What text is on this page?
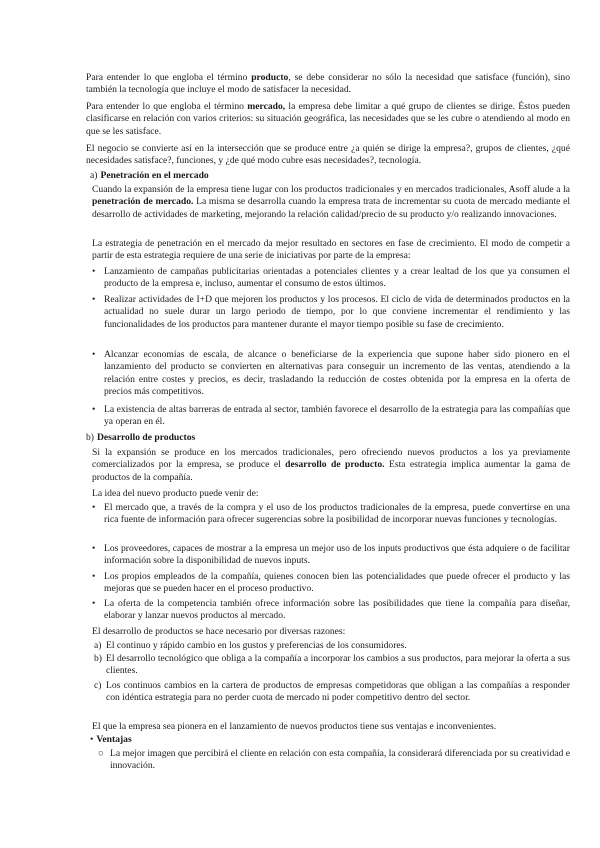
Para entender lo que engloba el término producto, se debe considerar no sólo la necesidad que satisface (función), sino también la tecnología que incluye el modo de satisfacer la necesidad.

Para entender lo que engloba el término mercado, la empresa debe limitar a qué grupo de clientes se dirige. Éstos pueden clasificarse en relación con varios criterios: su situación geográfica, las necesidades que se les cubre o atendiendo al modo en que se les satisface.

El negocio se convierte así en la intersección que se produce entre ¿a quién se dirige la empresa?, grupos de clientes, ¿qué necesidades satisface?, funciones, y ¿de qué modo cubre esas necesidades?, tecnología.

a) Penetración en el mercado

Cuando la expansión de la empresa tiene lugar con los productos tradicionales y en mercados tradicionales, Asoff alude a la penetración de mercado. La misma se desarrolla cuando la empresa trata de incrementar su cuota de mercado mediante el desarrollo de actividades de marketing, mejorando la relación calidad/precio de su producto y/o realizando innovaciones.

La estrategia de penetración en el mercado da mejor resultado en sectores en fase de crecimiento. El modo de competir a partir de esta estrategia requiere de una serie de iniciativas por parte de la empresa:

• Lanzamiento de campañas publicitarias orientadas a potenciales clientes y a crear lealtad de los que ya consumen el producto de la empresa e, incluso, aumentar el consumo de estos últimos.
• Realizar actividades de I+D que mejoren los productos y los procesos. El ciclo de vida de determinados productos en la actualidad no suele durar un largo periodo de tiempo, por lo que conviene incrementar el rendimiento y las funcionalidades de los productos para mantener durante el mayor tiempo posible su fase de crecimiento.
• Alcanzar economías de escala, de alcance o beneficiarse de la experiencia que supone haber sido pionero en el lanzamiento del producto se convierten en alternativas para conseguir un incremento de las ventas, atendiendo a la relación entre costes y precios, es decir, trasladando la reducción de costes obtenida por la empresa en la oferta de precios más competitivos.
• La existencia de altas barreras de entrada al sector, también favorece el desarrollo de la estrategia para las compañías que ya operan en él.

b) Desarrollo de productos

Si la expansión se produce en los mercados tradicionales, pero ofreciendo nuevos productos a los ya previamente comercializados por la empresa, se produce el desarrollo de producto. Esta estrategia implica aumentar la gama de productos de la compañía.

La idea del nuevo producto puede venir de:

• El mercado que, a través de la compra y el uso de los productos tradicionales de la empresa, puede convertirse en una rica fuente de información para ofrecer sugerencias sobre la posibilidad de incorporar nuevas funciones y tecnologías.
• Los proveedores, capaces de mostrar a la empresa un mejor uso de los inputs productivos que ésta adquiere o de facilitar información sobre la disponibilidad de nuevos inputs.
• Los propios empleados de la compañía, quienes conocen bien las potencialidades que puede ofrecer el producto y las mejoras que se pueden hacer en el proceso productivo.
• La oferta de la competencia también ofrece información sobre las posibilidades que tiene la compañía para diseñar, elaborar y lanzar nuevos productos al mercado.

El desarrollo de productos se hace necesario por diversas razones:

a) El continuo y rápido cambio en los gustos y preferencias de los consumidores.
b) El desarrollo tecnológico que obliga a la compañía a incorporar los cambios a sus productos, para mejorar la oferta a sus clientes.
c) Los continuos cambios en la cartera de productos de empresas competidoras que obligan a las compañías a responder con idéntica estrategia para no perder cuota de mercado ni poder competitivo dentro del sector.

El que la empresa sea pionera en el lanzamiento de nuevos productos tiene sus ventajas e inconvenientes.

• Ventajas

○ La mejor imagen que percibirá el cliente en relación con esta compañía, la considerará diferenciada por su creatividad e innovación.
